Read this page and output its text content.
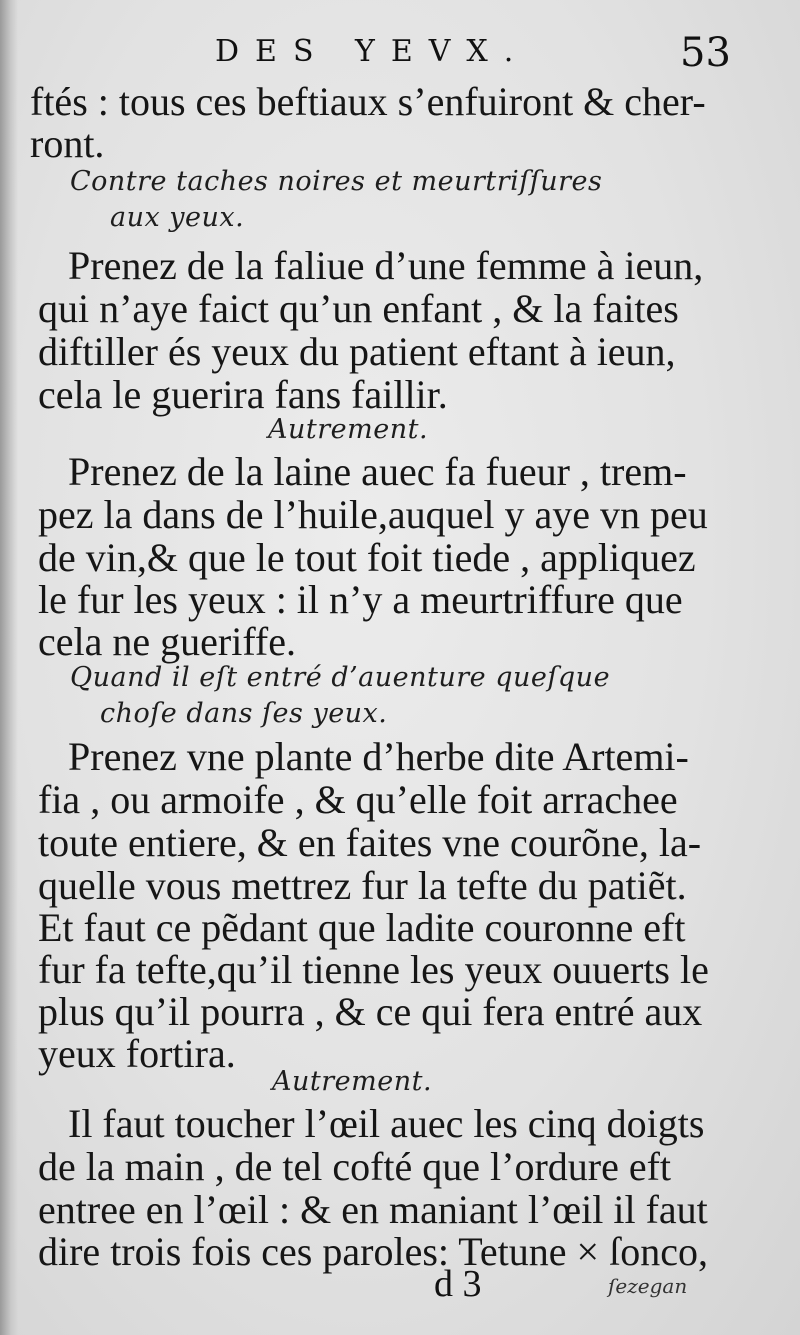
DES YEVX.	53
ftés : tous ces beftiaux s’enfuiront & cher-
ront.
Contre taches noires et meurtriſſures
aux yeux.
Prenez de la faliue d’une femme à ieun,
qui n’aye faict qu’un enfant , & la faites
diftiller és yeux du patient eftant à ieun,
cela le guerira fans faillir.
Autrement.
Prenez de la laine auec fa fueur , trem-
pez la dans de l’huile,auquel y aye vn peu
de vin,& que le tout foit tiede , appliquez
le fur les yeux : il n’y a meurtriffure que
cela ne gueriffe.
Quand il eſt entré d’auenture queſque
choſe dans ſes yeux.
Prenez vne plante d’herbe dite Artemi-
fia , ou armoife , & qu’elle foit arrachee
toute entiere, & en faites vne courõne, la-
quelle vous mettrez fur la tefte du patiẽt.
Et faut ce pẽdant que ladite couronne eft
fur fa tefte,qu’il tienne les yeux ouuerts le
plus qu’il pourra , & ce qui fera entré aux
yeux fortira.
Autrement.
Il faut toucher l’œil auec les cinq doigts
de la main , de tel cofté que l’ordure eft
entree en l’œil : & en maniant l’œil il faut
dire trois fois ces paroles: Tetune × ſonco,
d 3	ſezegan
